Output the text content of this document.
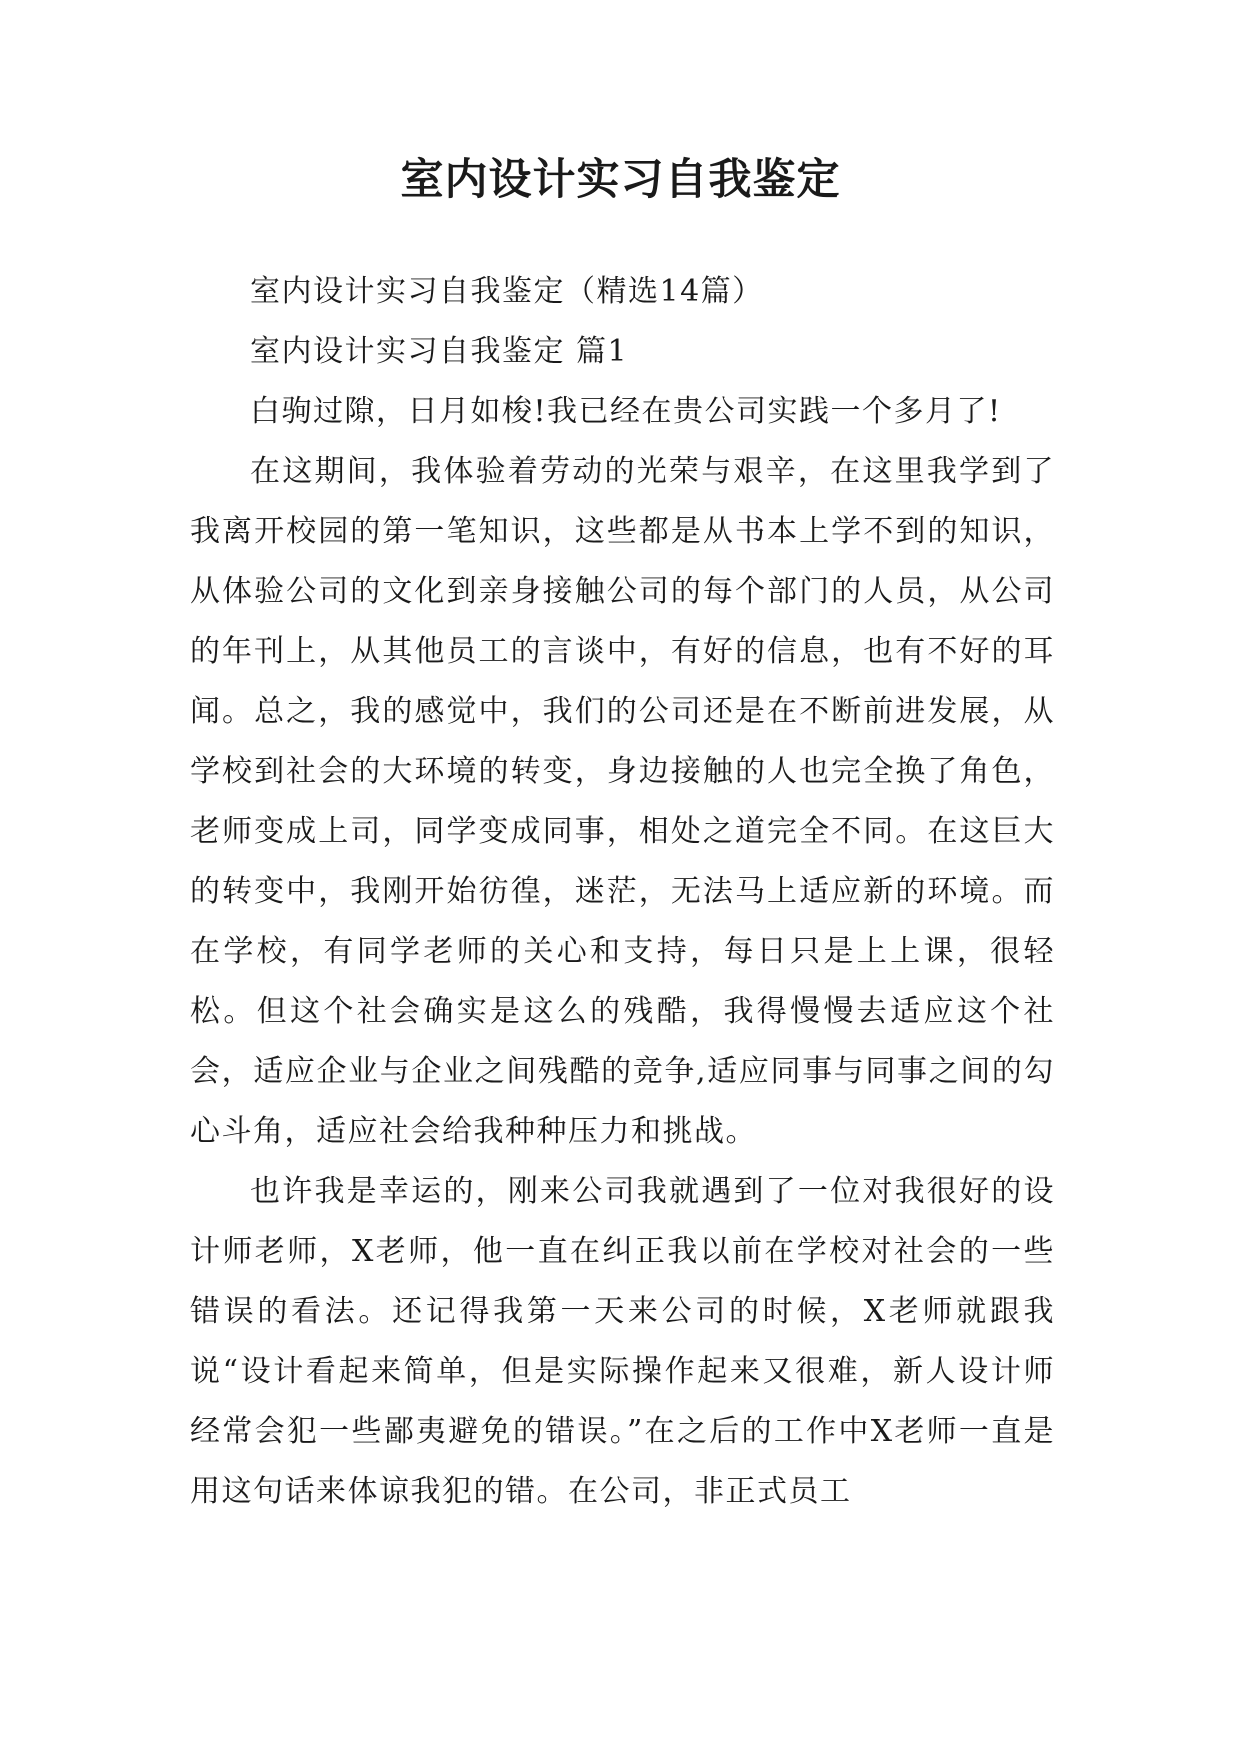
室内设计实习自我鉴定

室内设计实习自我鉴定（精选14篇）

室内设计实习自我鉴定 篇1

白驹过隙，日月如梭!我已经在贵公司实践一个多月了!

在这期间，我体验着劳动的光荣与艰辛，在这里我学到了我离开校园的第一笔知识，这些都是从书本上学不到的知识，从体验公司的文化到亲身接触公司的每个部门的人员，从公司的年刊上，从其他员工的言谈中，有好的信息，也有不好的耳闻。总之，我的感觉中，我们的公司还是在不断前进发展，从学校到社会的大环境的转变，身边接触的人也完全换了角色，老师变成上司，同学变成同事，相处之道完全不同。在这巨大的转变中，我刚开始彷徨，迷茫，无法马上适应新的环境。而在学校，有同学老师的关心和支持，每日只是上上课，很轻松。但这个社会确实是这么的残酷，我得慢慢去适应这个社会，适应企业与企业之间残酷的竞争,适应同事与同事之间的勾心斗角，适应社会给我种种压力和挑战。

也许我是幸运的，刚来公司我就遇到了一位对我很好的设计师老师，X老师，他一直在纠正我以前在学校对社会的一些错误的看法。还记得我第一天来公司的时候，X老师就跟我说“设计看起来简单，但是实际操作起来又很难，新人设计师经常会犯一些鄙夷避免的错误。”在之后的工作中X老师一直是用这句话来体谅我犯的错。在公司，非正式员工
